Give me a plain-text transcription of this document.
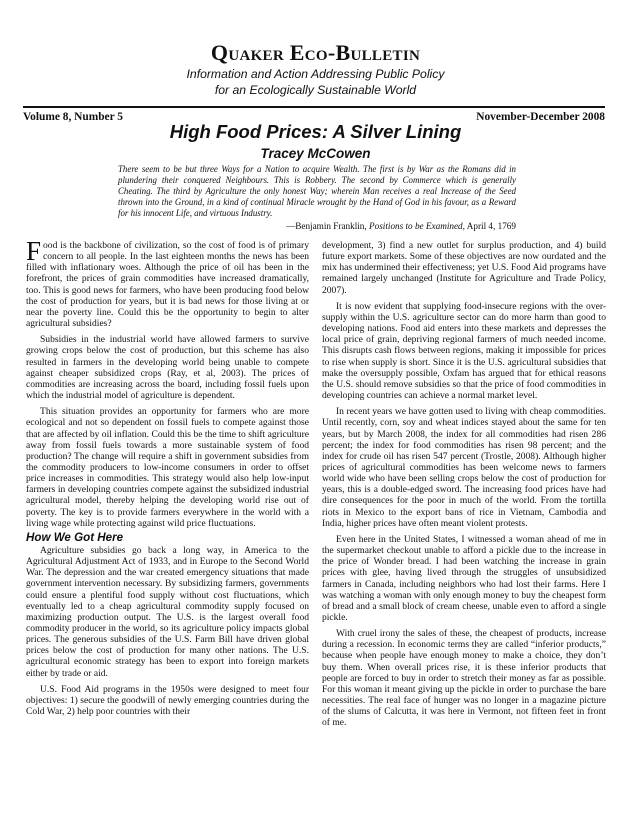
Quaker Eco-Bulletin
Information and Action Addressing Public Policy
for an Ecologically Sustainable World
Volume 8, Number 5	November-December 2008
High Food Prices: A Silver Lining
Tracey McCowen
There seem to be but three Ways for a Nation to acquire Wealth. The first is by War as the Romans did in plundering their conquered Neighbours. This is Robbery. The second by Commerce which is generally Cheating. The third by Agriculture the only honest Way; wherein Man receives a real Increase of the Seed thrown into the Ground, in a kind of continual Miracle wrought by the Hand of God in his favour, as a Reward for his innocent Life, and virtuous Industry.
—Benjamin Franklin, Positions to be Examined, April 4, 1769

Food is the backbone of civilization, so the cost of food is of primary concern to all people. In the last eighteen months the news has been filled with inflationary woes. Although the price of oil has been in the forefront, the prices of grain commodities have increased dramatically, too. This is good news for farmers, who have been producing food below the cost of production for years, but it is bad news for those living at or near the poverty line. Could this be the opportunity to begin to alter agricultural subsidies?

Subsidies in the industrial world have allowed farmers to survive growing crops below the cost of production, but this scheme has also resulted in farmers in the developing world being unable to compete against cheaper subsidized crops (Ray, et al, 2003). The prices of commodities are increasing across the board, including fossil fuels upon which the industrial model of agriculture is dependent.

This situation provides an opportunity for farmers who are more ecological and not so dependent on fossil fuels to compete against those that are affected by oil inflation. Could this be the time to shift agriculture away from fossil fuels towards a more sustainable system of food production? The change will require a shift in government subsidies from the commodity producers to low-income consumers in order to offset price increases in commodities. This strategy would also help low-input farmers in developing countries compete against the subsidized industrial agricultural model, thereby helping the developing world rise out of poverty. The key is to provide farmers everywhere in the world with a living wage while protecting against wild price fluctuations.

How We Got Here

Agriculture subsidies go back a long way, in America to the Agricultural Adjustment Act of 1933, and in Europe to the Second World War. The depression and the war created emergency situations that made government intervention necessary. By subsidizing farmers, governments could ensure a plentiful food supply without cost fluctuations, which eventually led to a cheap agricultural commodity supply focused on maximizing production output. The U.S. is the largest overall food commodity producer in the world, so its agriculture policy impacts global prices. The generous subsidies of the U.S. Farm Bill have driven global prices below the cost of production for many other nations. The U.S. agricultural economic strategy has been to export into foreign markets either by trade or aid.

U.S. Food Aid programs in the 1950s were designed to meet four objectives: 1) secure the goodwill of newly emerging countries during the Cold War, 2) help poor countries with their

development, 3) find a new outlet for surplus production, and 4) build future export markets. Some of these objectives are now ourdated and the mix has undermined their effectiveness; yet U.S. Food Aid programs have remained largely unchanged (Institute for Agriculture and Trade Policy, 2007).

It is now evident that supplying food-insecure regions with the over-supply within the U.S. agriculture sector can do more harm than good to developing nations. Food aid enters into these markets and depresses the local price of grain, depriving regional farmers of much needed income. This disrupts cash flows between regions, making it impossible for prices to rise when supply is short. Since it is the U.S. agricultural subsidies that make the oversupply possible, Oxfam has argued that for ethical reasons the U.S. should remove subsidies so that the price of food commodities in developing countries can achieve a normal market level.

In recent years we have gotten used to living with cheap commodities. Until recently, corn, soy and wheat indices stayed about the same for ten years, but by March 2008, the index for all commodities had risen 286 percent; the index for food commodities has risen 98 percent; and the index for crude oil has risen 547 percent (Trostle, 2008). Although higher prices of agricultural commodities has been welcome news to farmers world wide who have been selling crops below the cost of production for years, this is a double-edged sword. The increasing food prices have had dire consequences for the poor in much of the world. From the tortilla riots in Mexico to the export bans of rice in Vietnam, Cambodia and India, higher prices have often meant violent protests.

Even here in the United States, I witnessed a woman ahead of me in the supermarket checkout unable to afford a pickle due to the increase in the price of Wonder bread. I had been watching the increase in grain prices with glee, having lived through the struggles of unsubsidized farmers in Canada, including neighbors who had lost their farms. Here I was watching a woman with only enough money to buy the cheapest form of bread and a small block of cream cheese, unable even to afford a single pickle.

With cruel irony the sales of these, the cheapest of products, increase during a recession. In economic terms they are called “inferior products,” because when people have enough money to make a choice, they don’t buy them. When overall prices rise, it is these inferior products that people are forced to buy in order to stretch their money as far as possible. For this woman it meant giving up the pickle in order to purchase the bare necessities. The real face of hunger was no longer in a magazine picture of the slums of Calcutta, it was here in Vermont, not fifteen feet in front of me.
